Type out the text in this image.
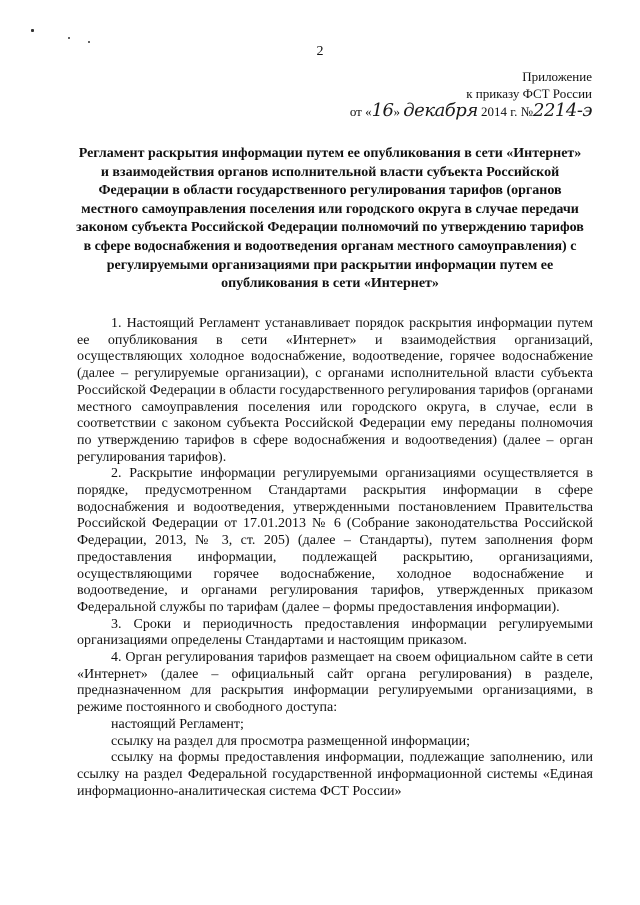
2
Приложение
к приказу ФСТ России
от «16» декабря 2014 г. №2214-э
Регламент раскрытия информации путем ее опубликования в сети «Интернет» и взаимодействия органов исполнительной власти субъекта Российской Федерации в области государственного регулирования тарифов (органов местного самоуправления поселения или городского округа в случае передачи законом субъекта Российской Федерации полномочий по утверждению тарифов в сфере водоснабжения и водоотведения органам местного самоуправления) с регулируемыми организациями при раскрытии информации путем ее опубликования в сети «Интернет»

1. Настоящий Регламент устанавливает порядок раскрытия информации путем ее опубликования в сети «Интернет» и взаимодействия организаций, осуществляющих холодное водоснабжение, водоотведение, горячее водоснабжение (далее – регулируемые организации), с органами исполнительной власти субъекта Российской Федерации в области государственного регулирования тарифов (органами местного самоуправления поселения или городского округа, в случае, если в соответствии с законом субъекта Российской Федерации ему переданы полномочия по утверждению тарифов в сфере водоснабжения и водоотведения) (далее – орган регулирования тарифов).

2. Раскрытие информации регулируемыми организациями осуществляется в порядке, предусмотренном Стандартами раскрытия информации в сфере водоснабжения и водоотведения, утвержденными постановлением Правительства Российской Федерации от 17.01.2013 № 6 (Собрание законодательства Российской Федерации, 2013, № 3, ст. 205) (далее – Стандарты), путем заполнения форм предоставления информации, подлежащей раскрытию, организациями, осуществляющими горячее водоснабжение, холодное водоснабжение и водоотведение, и органами регулирования тарифов, утвержденных приказом Федеральной службы по тарифам (далее – формы предоставления информации).

3. Сроки и периодичность предоставления информации регулируемыми организациями определены Стандартами и настоящим приказом.

4. Орган регулирования тарифов размещает на своем официальном сайте в сети «Интернет» (далее – официальный сайт органа регулирования) в разделе, предназначенном для раскрытия информации регулируемыми организациями, в режиме постоянного и свободного доступа:

настоящий Регламент;

ссылку на раздел для просмотра размещенной информации;

ссылку на формы предоставления информации, подлежащие заполнению, или ссылку на раздел Федеральной государственной информационной системы «Единая информационно-аналитическая система ФСТ России»
